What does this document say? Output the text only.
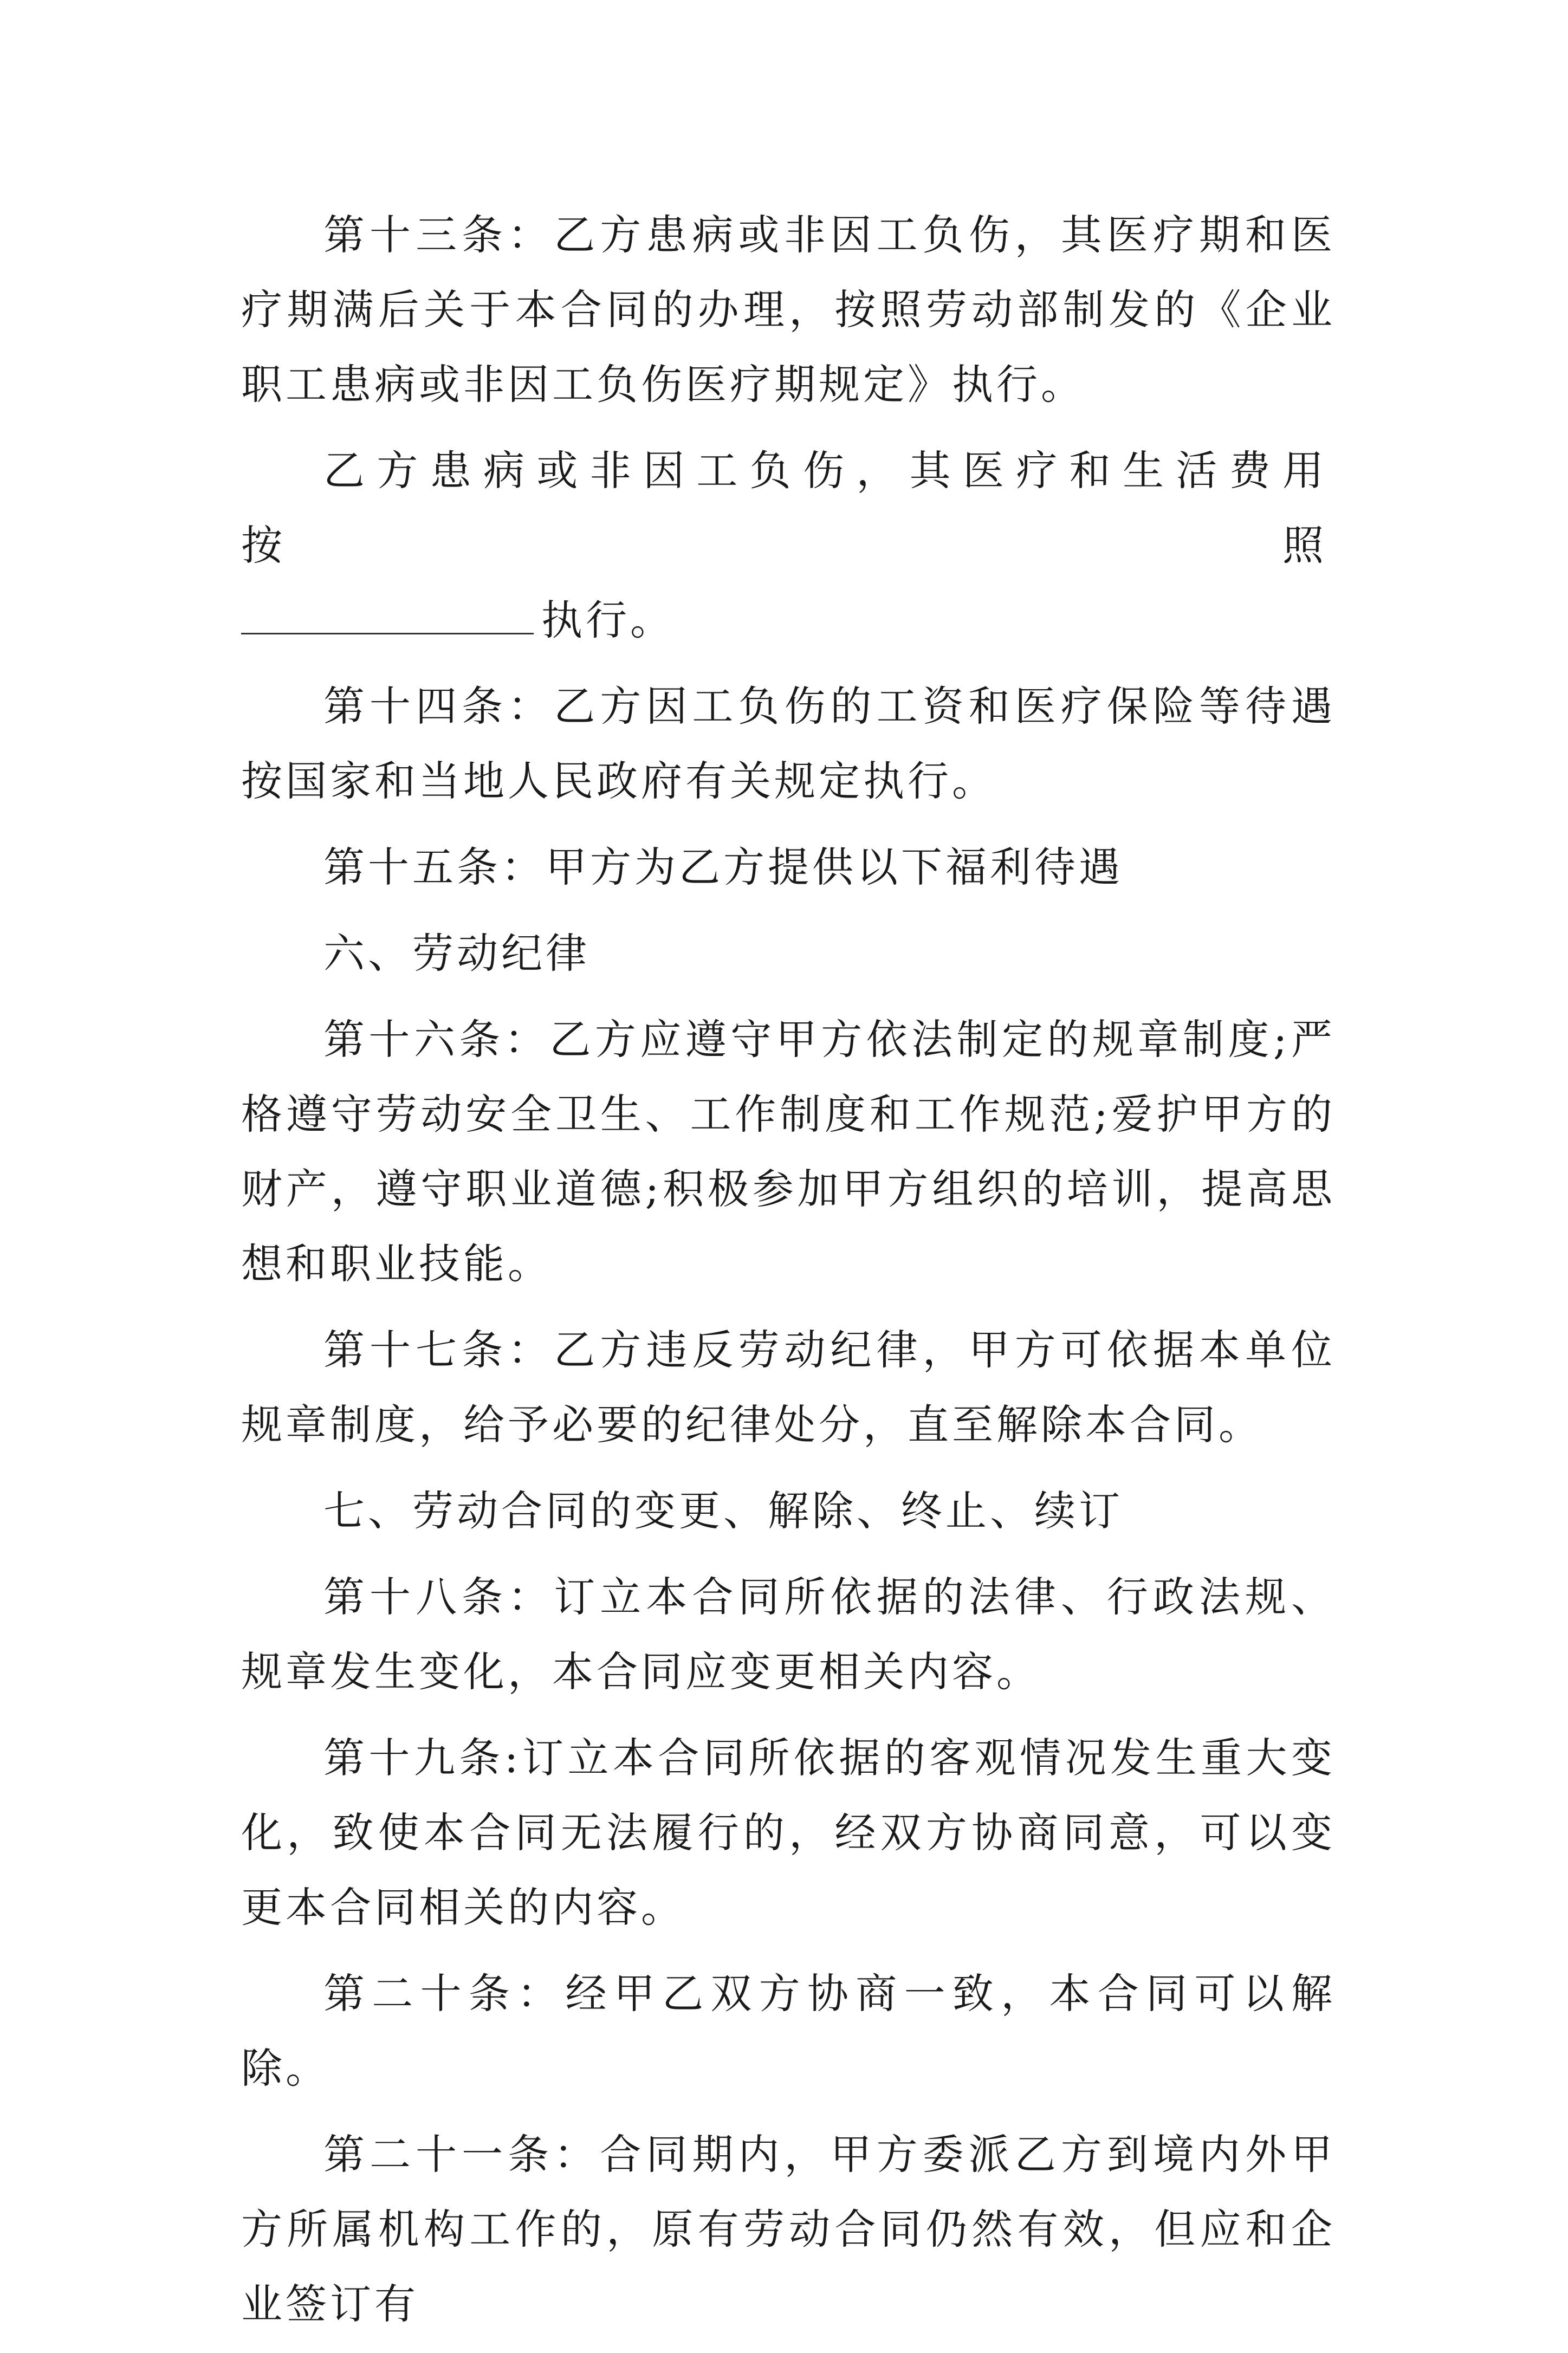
第十三条：乙方患病或非因工负伤，其医疗期和医疗期满后关于本合同的办理，按照劳动部制发的《企业职工患病或非因工负伤医疗期规定》执行。

乙方患病或非因工负伤，其医疗和生活费用按照

执行。

第十四条：乙方因工负伤的工资和医疗保险等待遇按国家和当地人民政府有关规定执行。

第十五条：甲方为乙方提供以下福利待遇

六、劳动纪律

第十六条：乙方应遵守甲方依法制定的规章制度;严格遵守劳动安全卫生、工作制度和工作规范;爱护甲方的财产，遵守职业道德;积极参加甲方组织的培训，提高思想和职业技能。

第十七条：乙方违反劳动纪律，甲方可依据本单位规章制度，给予必要的纪律处分，直至解除本合同。

七、劳动合同的变更、解除、终止、续订

第十八条：订立本合同所依据的法律、行政法规、规章发生变化，本合同应变更相关内容。

第十九条:订立本合同所依据的客观情况发生重大变化，致使本合同无法履行的，经双方协商同意，可以变更本合同相关的内容。

第二十条：经甲乙双方协商一致，本合同可以解除。

第二十一条：合同期内，甲方委派乙方到境内外甲方所属机构工作的，原有劳动合同仍然有效，但应和企业签订有
